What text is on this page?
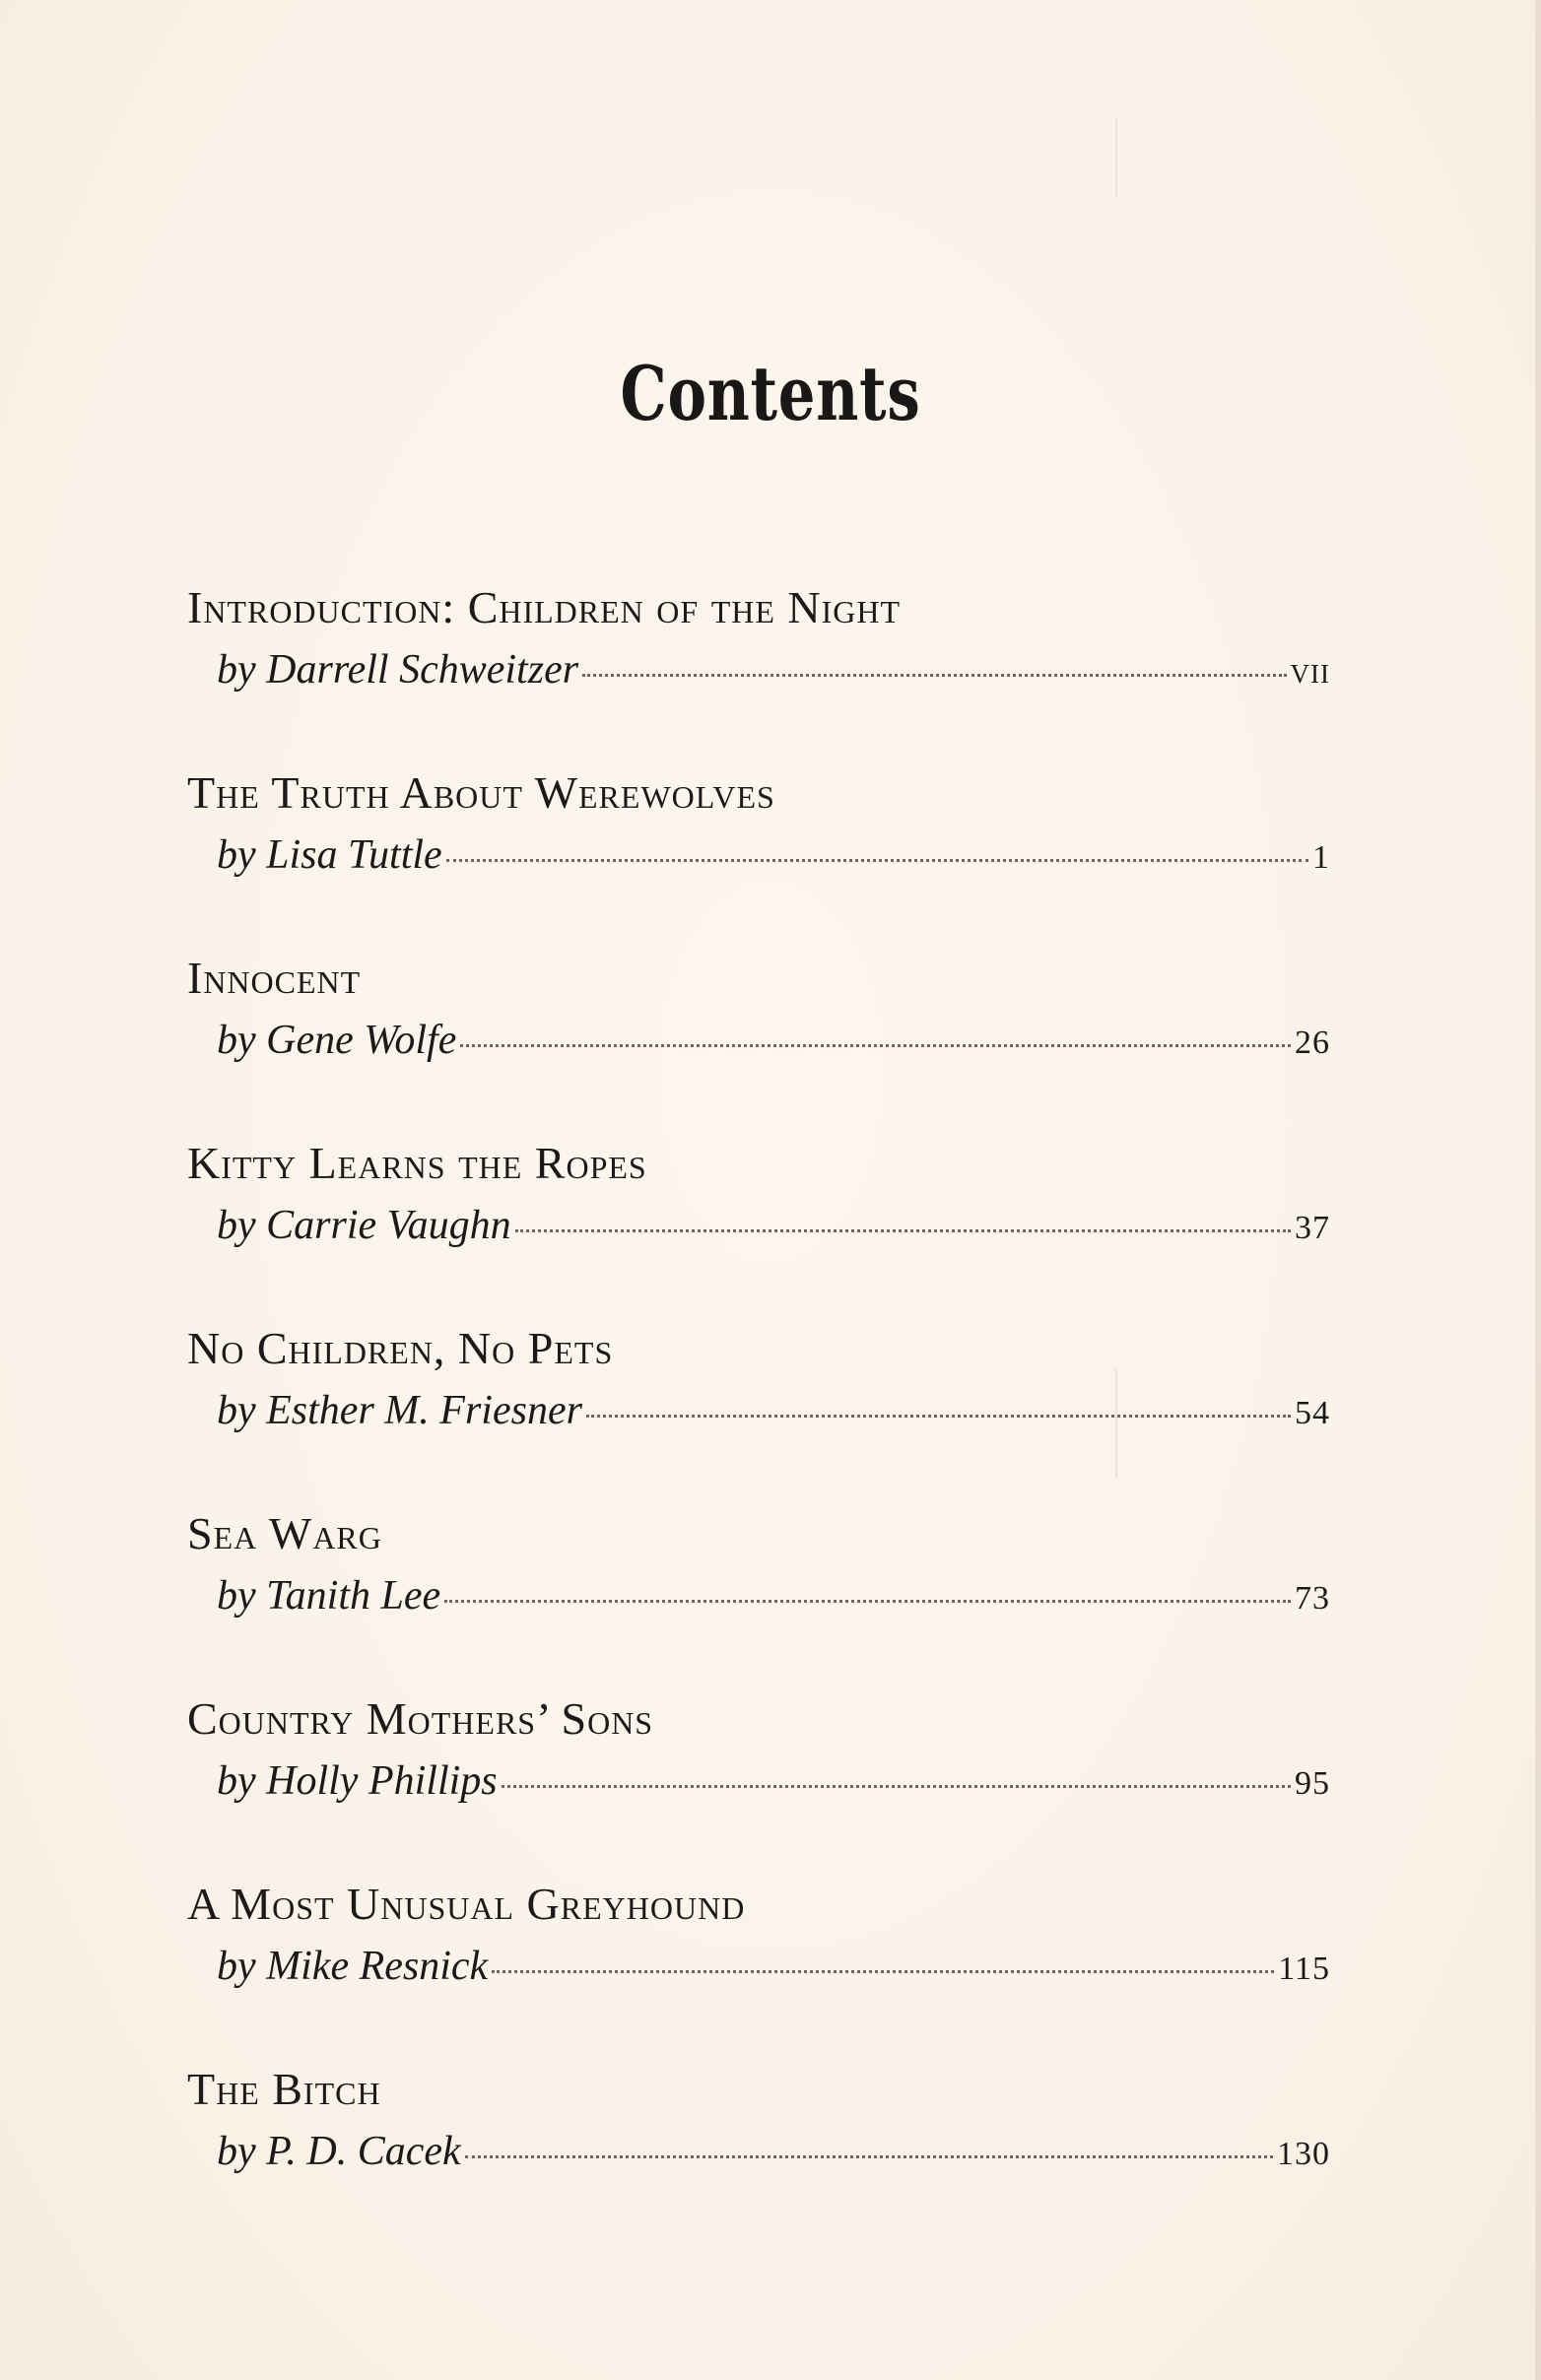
Contents
Introduction: Children of the Night
by Darrell Schweitzer	vii
The Truth About Werewolves
by Lisa Tuttle	1
Innocent
by Gene Wolfe	26
Kitty Learns the Ropes
by Carrie Vaughn	37
No Children, No Pets
by Esther M. Friesner	54
Sea Warg
by Tanith Lee	73
Country Mothers’ Sons
by Holly Phillips	95
A Most Unusual Greyhound
by Mike Resnick	115
The Bitch
by P. D. Cacek	130
